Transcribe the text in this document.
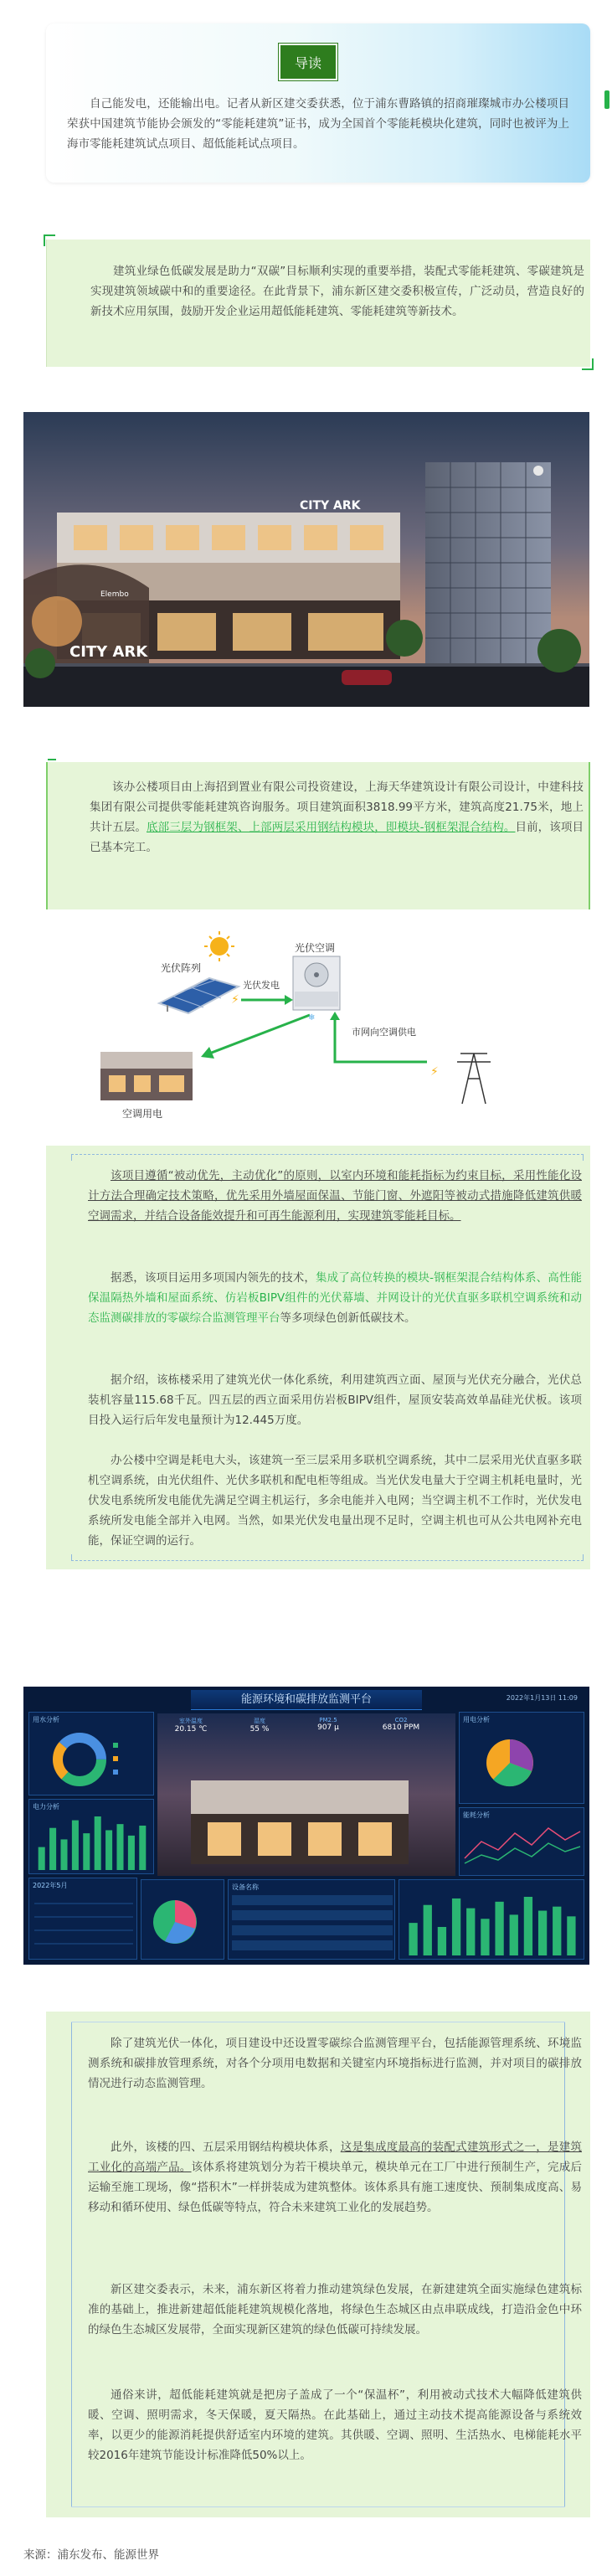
导读
自己能发电，还能输出电。记者从新区建交委获悉，位于浦东曹路镇的招商璀璨城市办公楼项目荣获中国建筑节能协会颁发的“零能耗建筑”证书，成为全国首个零能耗模块化建筑，同时也被评为上海市零能耗建筑试点项目、超低能耗试点项目。

建筑业绿色低碳发展是助力“双碳”目标顺利实现的重要举措，装配式零能耗建筑、零碳建筑是实现建筑领域碳中和的重要途径。在此背景下，浦东新区建交委积极宣传，广泛动员，营造良好的新技术应用氛围，鼓励开发企业运用超低能耗建筑、零能耗建筑等新技术。

CITY ARK
CITY ARK
Elembo

该办公楼项目由上海招到置业有限公司投资建设，上海天华建筑设计有限公司设计，中建科技集团有限公司提供零能耗建筑咨询服务。项目建筑面积3818.99平方米，建筑高度21.75米，地上共计五层。底部三层为钢框架、上部两层采用钢结构模块，即模块-钢框架混合结构。目前，该项目已基本完工。

光伏阵列
光伏空调
光伏发电
⚡
⚡
市网向空调供电
❄
空调用电

该项目遵循“被动优先，主动优化”的原则，以室内环境和能耗指标为约束目标，采用性能化设计方法合理确定技术策略，优先采用外墙屋面保温、节能门窗、外遮阳等被动式措施降低建筑供暖空调需求，并结合设备能效提升和可再生能源利用，实现建筑零能耗目标。

据悉，该项目运用多项国内领先的技术，集成了高位转换的模块-钢框架混合结构体系、高性能保温隔热外墙和屋面系统、仿岩板BIPV组件的光伏幕墙、并网设计的光伏直驱多联机空调系统和动态监测碳排放的零碳综合监测管理平台等多项绿色创新低碳技术。

据介绍，该栋楼采用了建筑光伏一体化系统，利用建筑西立面、屋顶与光伏充分融合，光伏总装机容量115.68千瓦。四五层的西立面采用仿岩板BIPV组件，屋顶安装高效单晶硅光伏板。该项目投入运行后年发电量预计为12.445万度。

办公楼中空调是耗电大头，该建筑一至三层采用多联机空调系统，其中二层采用光伏直驱多联机空调系统，由光伏组件、光伏多联机和配电柜等组成。当光伏发电量大于空调主机耗电量时，光伏发电系统所发电能优先满足空调主机运行，多余电能并入电网；当空调主机不工作时，光伏发电系统所发电能全部并入电网。当然，如果光伏发电量出现不足时，空调主机也可从公共电网补充电能，保证空调的运行。

能源环境和碳排放监测平台	2022年1月13日 11:09
用水分析
电力分析
2022年5月
室外温度
20.15 ℃
湿度
55 %
PM2.5
907 μ
CO2
6810 PPM
设备名称
用电分析
能耗分析

除了建筑光伏一体化，项目建设中还设置零碳综合监测管理平台，包括能源管理系统、环境监测系统和碳排放管理系统，对各个分项用电数据和关键室内环境指标进行监测，并对项目的碳排放情况进行动态监测管理。

此外，该楼的四、五层采用钢结构模块体系，这是集成度最高的装配式建筑形式之一，是建筑工业化的高端产品。该体系将建筑划分为若干模块单元，模块单元在工厂中进行预制生产，完成后运输至施工现场，像“搭积木”一样拼装成为建筑整体。该体系具有施工速度快、预制集成度高、易移动和循环使用、绿色低碳等特点，符合未来建筑工业化的发展趋势。

新区建交委表示，未来，浦东新区将着力推动建筑绿色发展，在新建建筑全面实施绿色建筑标准的基础上，推进新建超低能耗建筑规模化落地，将绿色生态城区由点串联成线，打造沿金色中环的绿色生态城区发展带，全面实现新区建筑的绿色低碳可持续发展。

通俗来讲，超低能耗建筑就是把房子盖成了一个“保温杯”，利用被动式技术大幅降低建筑供暖、空调、照明需求，冬天保暖，夏天隔热。在此基础上，通过主动技术提高能源设备与系统效率，以更少的能源消耗提供舒适室内环境的建筑。其供暖、空调、照明、生活热水、电梯能耗水平较2016年建筑节能设计标准降低50%以上。

来源：浦东发布、能源世界
